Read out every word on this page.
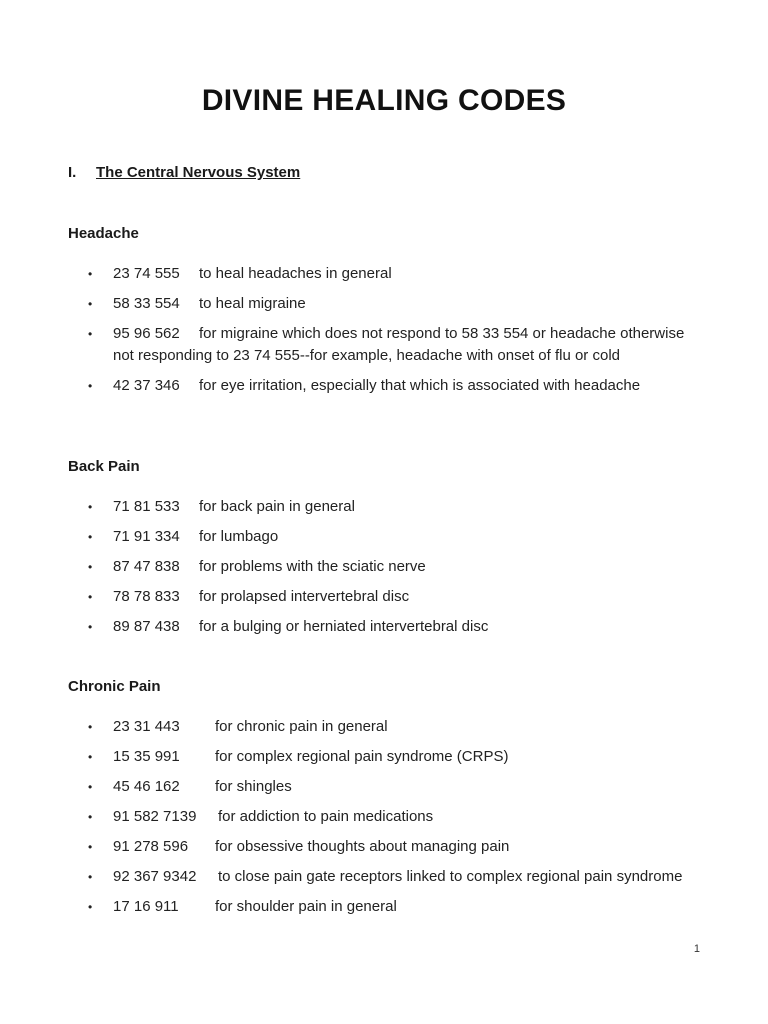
DIVINE HEALING CODES
I. The Central Nervous System
Headache
• 23 74 555 to heal headaches in general
• 58 33 554 to heal migraine
• 95 96 562 for migraine which does not respond to 58 33 554 or headache otherwise not responding to 23 74 555--for example, headache with onset of flu or cold
• 42 37 346 for eye irritation, especially that which is associated with headache
Back Pain
• 71 81 533 for back pain in general
• 71 91 334 for lumbago
• 87 47 838 for problems with the sciatic nerve
• 78 78 833 for prolapsed intervertebral disc
• 89 87 438 for a bulging or herniated intervertebral disc
Chronic Pain
• 23 31 443 for chronic pain in general
• 15 35 991 for complex regional pain syndrome (CRPS)
• 45 46 162 for shingles
• 91 582 7139 for addiction to pain medications
• 91 278 596 for obsessive thoughts about managing pain
• 92 367 9342 to close pain gate receptors linked to complex regional pain syndrome
• 17 16 911 for shoulder pain in general
1
